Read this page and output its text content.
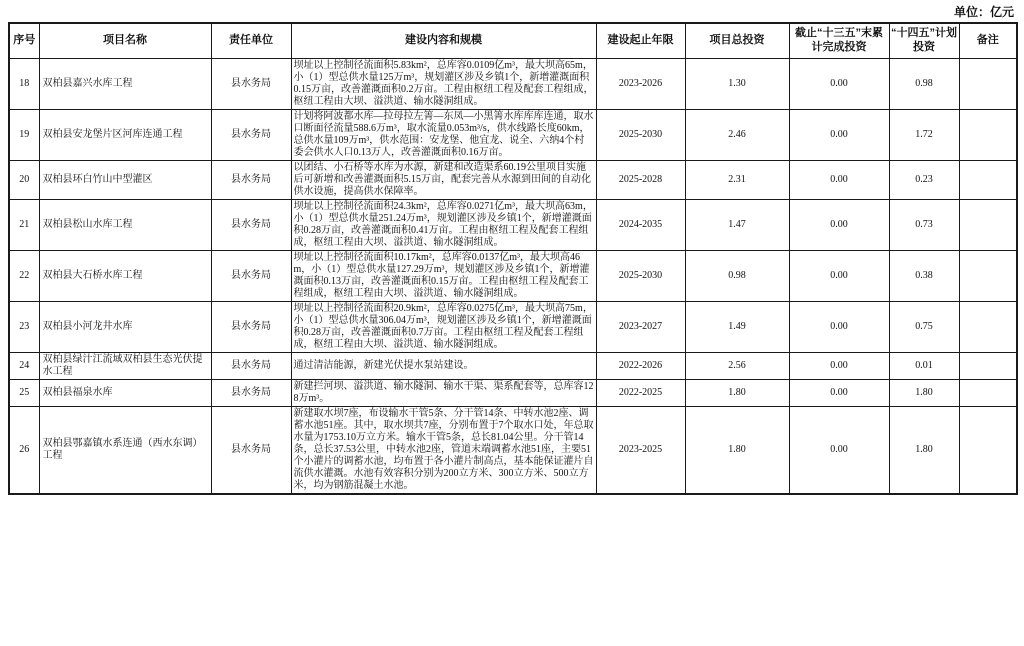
单位：亿元
序号	项目名称	责任单位	建设内容和规模	建设起止年限	项目总投资	截止“十三五”末累计完成投资	“十四五”计划投资	备注
18	双柏县嘉兴水库工程	县水务局	坝址以上控制径流面积5.83km²，总库容0.0109亿m³，最大坝高65m，小（1）型总供水量125万m³，规划灌区涉及乡镇1个，新增灌溉面积0.15万亩，改善灌溉面积0.2万亩。工程由枢纽工程及配套工程组成，枢纽工程由大坝、溢洪道、输水隧洞组成。	2023-2026	1.30	0.00	0.98	
19	双柏县安龙堡片区河库连通工程	县水务局	计划将阿波都水库—拉母拉左箐—东凤—小黑箐水库库库连通，取水口断面径流量588.6万m³，取水流量0.053m³/s，供水线路长度60km，总供水量109万m³，供水范围：安龙堡、他宜龙、说全、六纳4个村委会供水人口0.13万人，改善灌溉面积0.16万亩。	2025-2030	2.46	0.00	1.72	
20	双柏县环白竹山中型灌区	县水务局	以团结、小石桥等水库为水源，新建和改造渠系60.19公里项目实施后可新增和改善灌溉面积5.15万亩，配套完善从水源到田间的自动化供水设施，提高供水保障率。	2025-2028	2.31	0.00	0.23	
21	双柏县松山水库工程	县水务局	坝址以上控制径流面积24.3km²，总库容0.0271亿m³，最大坝高63m，小（1）型总供水量251.24万m³，规划灌区涉及乡镇1个，新增灌溉面积0.28万亩，改善灌溉面积0.41万亩。工程由枢纽工程及配套工程组成，枢纽工程由大坝、溢洪道、输水隧洞组成。	2024-2035	1.47	0.00	0.73	
22	双柏县大石桥水库工程	县水务局	坝址以上控制径流面积10.17km²，总库容0.0137亿m³，最大坝高46m，小（1）型总供水量127.29万m³，规划灌区涉及乡镇1个，新增灌溉面积0.13万亩，改善灌溉面积0.15万亩。工程由枢纽工程及配套工程组成，枢纽工程由大坝、溢洪道、输水隧洞组成。	2025-2030	0.98	0.00	0.38	
23	双柏县小河龙井水库	县水务局	坝址以上控制径流面积20.9km²，总库容0.0275亿m³，最大坝高75m，小（1）型总供水量306.04万m³，规划灌区涉及乡镇1个，新增灌溉面积0.28万亩，改善灌溉面积0.7万亩。工程由枢纽工程及配套工程组成，枢纽工程由大坝、溢洪道、输水隧洞组成。	2023-2027	1.49	0.00	0.75	
24	双柏县绿汁江流域双柏县生态光伏提水工程	县水务局	通过清洁能源，新建光伏提水泵站建设。	2022-2026	2.56	0.00	0.01	
25	双柏县福泉水库	县水务局	新建拦河坝、溢洪道、输水隧洞、输水干渠、渠系配套等，总库容128万m³。	2022-2025	1.80	0.00	1.80	
26	双柏县鄂嘉镇水系连通（西水东调）工程	县水务局	新建取水坝7座，布设输水干管5条、分干管14条、中转水池2座、调蓄水池51座。其中，取水坝共7座，分别布置于7个取水口处，年总取水量为1753.10万立方米。输水干管5条，总长81.04公里。分干管14条，总长37.53公里，中转水池2座，管道末端调蓄水池51座，主要51个小灌片的调蓄水池，均布置于各小灌片制高点，基本能保证灌片自流供水灌溉。水池有效容积分别为200立方米、300立方米、500立方米，均为钢筋混凝土水池。	2023-2025	1.80	0.00	1.80	
